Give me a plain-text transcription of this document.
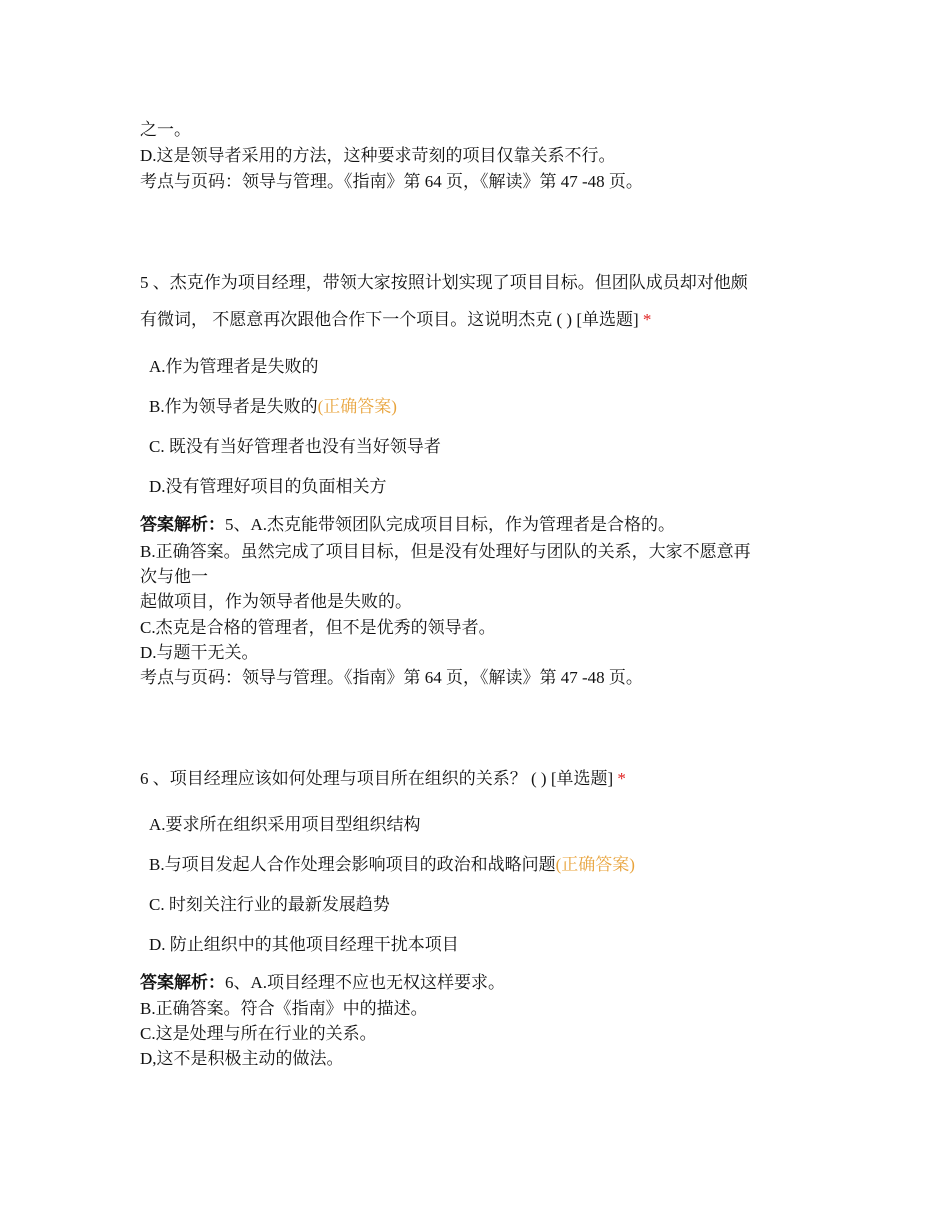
之一。
D.这是领导者采用的方法，这种要求苛刻的项目仅靠关系不行。
考点与页码：领导与管理。《指南》第 64 页，《解读》第 47 -48 页。
5 、杰克作为项目经理，带领大家按照计划实现了项目目标。但团队成员却对他颇
有微词， 不愿意再次跟他合作下一个项目。这说明杰克 ( ) [单选题] *
A.作为管理者是失败的
B.作为领导者是失败的(正确答案)
C. 既没有当好管理者也没有当好领导者
D.没有管理好项目的负面相关方
答案解析：5、A.杰克能带领团队完成项目目标，作为管理者是合格的。
B.正确答案。虽然完成了项目目标，但是没有处理好与团队的关系，大家不愿意再
次与他一
起做项目，作为领导者他是失败的。
C.杰克是合格的管理者，但不是优秀的领导者。
D.与题干无关。
考点与页码：领导与管理。《指南》第 64 页，《解读》第 47 -48 页。
6 、项目经理应该如何处理与项目所在组织的关系？ ( ) [单选题] *
A.要求所在组织采用项目型组织结构
B.与项目发起人合作处理会影响项目的政治和战略问题(正确答案)
C. 时刻关注行业的最新发展趋势
D. 防止组织中的其他项目经理干扰本项目
答案解析：6、A.项目经理不应也无权这样要求。
B.正确答案。符合《指南》中的描述。
C.这是处理与所在行业的关系。
D,这不是积极主动的做法。
